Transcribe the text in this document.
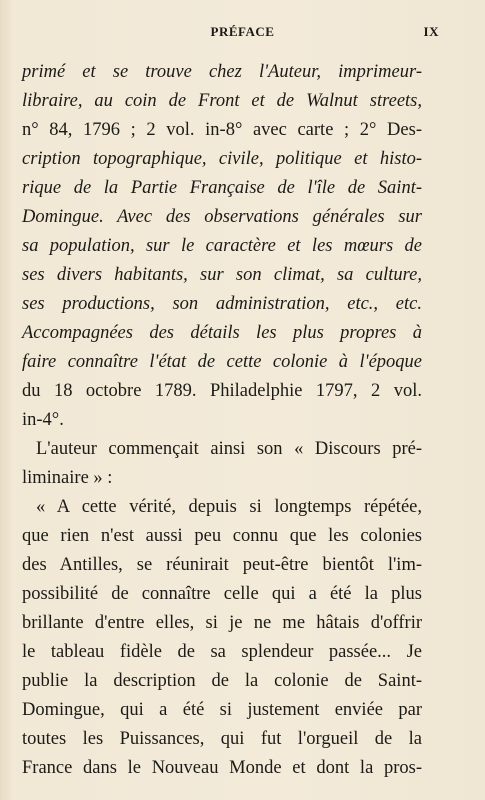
PRÉFACE	IX
primé et se trouve chez l'Auteur, imprimeur-
libraire, au coin de Front et de Walnut streets,
n° 84, 1796 ; 2 vol. in-8° avec carte ; 2° Des-
cription topographique, civile, politique et histo-
rique de la Partie Française de l'île de Saint-
Domingue. Avec des observations générales sur
sa population, sur le caractère et les mœurs de
ses divers habitants, sur son climat, sa culture,
ses productions, son administration, etc., etc.
Accompagnées des détails les plus propres à
faire connaître l'état de cette colonie à l'époque
du 18 octobre 1789. Philadelphie 1797, 2 vol.
in-4°.
L'auteur commençait ainsi son « Discours pré-
liminaire » :
« A cette vérité, depuis si longtemps répétée,
que rien n'est aussi peu connu que les colonies
des Antilles, se réunirait peut-être bientôt l'im-
possibilité de connaître celle qui a été la plus
brillante d'entre elles, si je ne me hâtais d'offrir
le tableau fidèle de sa splendeur passée... Je
publie la description de la colonie de Saint-
Domingue, qui a été si justement enviée par
toutes les Puissances, qui fut l'orgueil de la
France dans le Nouveau Monde et dont la pros-
